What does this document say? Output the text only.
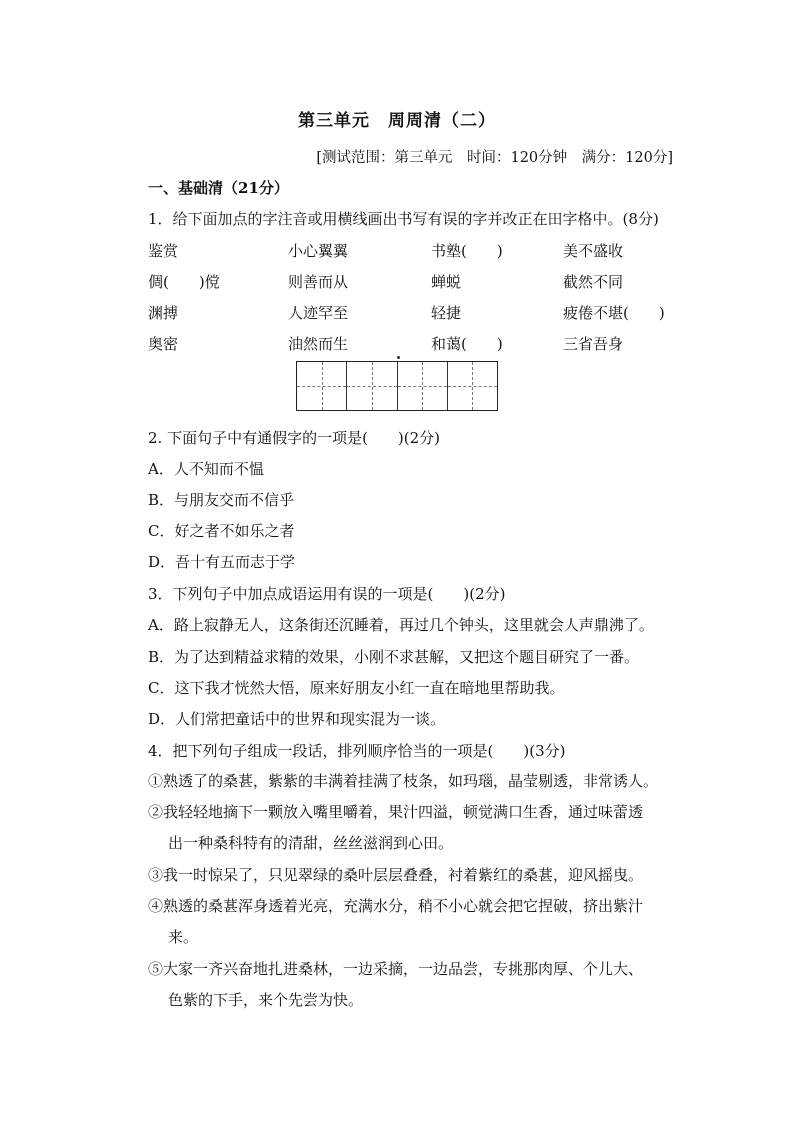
第三单元　周周清（二）
[测试范围：第三单元　时间：120分钟　满分：120分]
一、基础清（21分）
1．给下面加点的字注音或用横线画出书写有误的字并改正在田字格中。(8分)
鉴赏	小心翼翼	书塾(　　)	美不盛收
倜(　　)傥	则善而从	蝉蜕	截然不同
渊搏	人迹罕至	轻捷	疲倦不堪(　　)
奥密	油然而生	和蔼(　　)	三省吾身
2. 下面句子中有通假字的一项是(　　)(2分)
A．人不知而不愠
B．与朋友交而不信乎
C．好之者不如乐之者
D．吾十有五而志于学
3．下列句子中加点成语运用有误的一项是(　　)(2分)
A．路上寂静无人，这条街还沉睡着，再过几个钟头，这里就会人声鼎沸了。
B．为了达到精益求精的效果，小刚不求甚解，又把这个题目研究了一番。
C．这下我才恍然大悟，原来好朋友小红一直在暗地里帮助我。
D．人们常把童话中的世界和现实混为一谈。
4．把下列句子组成一段话，排列顺序恰当的一项是(　　)(3分)
①熟透了的桑葚，紫紫的丰满着挂满了枝条，如玛瑙，晶莹剔透，非常诱人。
②我轻轻地摘下一颗放入嘴里嚼着，果汁四溢，顿觉满口生香，通过味蕾透
出一种桑科特有的清甜，丝丝滋润到心田。
③我一时惊呆了，只见翠绿的桑叶层层叠叠，衬着紫红的桑葚，迎风摇曳。
④熟透的桑葚浑身透着光亮，充满水分，稍不小心就会把它捏破，挤出紫汁
来。
⑤大家一齐兴奋地扎进桑林，一边采摘，一边品尝，专挑那肉厚、个儿大、
色紫的下手，来个先尝为快。
